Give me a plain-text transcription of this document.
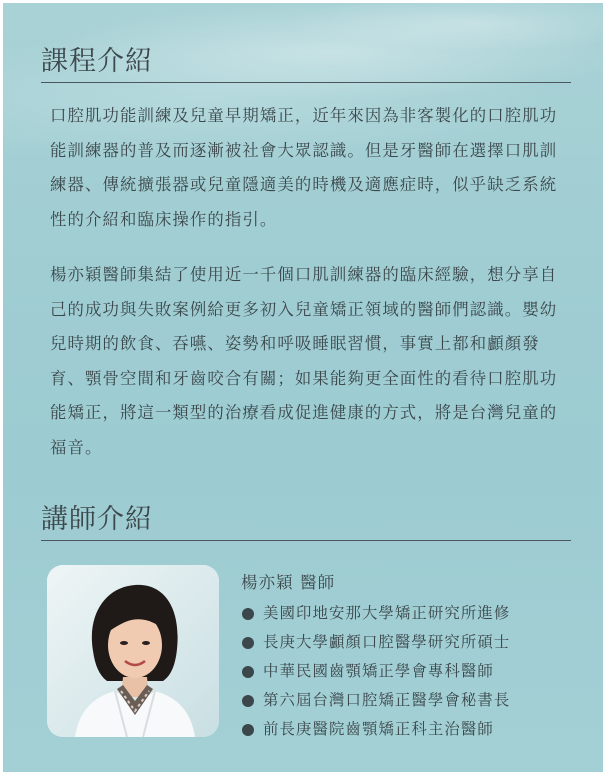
課程介紹

口腔肌功能訓練及兒童早期矯正，近年來因為非客製化的口腔肌功能訓練器的普及而逐漸被社會大眾認識。但是牙醫師在選擇口肌訓練器、傳統擴張器或兒童隱適美的時機及適應症時，似乎缺乏系統性的介紹和臨床操作的指引。

楊亦穎醫師集結了使用近一千個口肌訓練器的臨床經驗，想分享自己的成功與失敗案例給更多初入兒童矯正領域的醫師們認識。嬰幼兒時期的飲食、吞嚥、姿勢和呼吸睡眠習慣，事實上都和顱顏發育、顎骨空間和牙齒咬合有關；如果能夠更全面性的看待口腔肌功能矯正，將這一類型的治療看成促進健康的方式，將是台灣兒童的福音。

講師介紹

楊亦穎 醫師

美國印地安那大學矯正研究所進修
長庚大學顱顏口腔醫學研究所碩士
中華民國齒顎矯正學會專科醫師
第六屆台灣口腔矯正醫學會秘書長
前長庚醫院齒顎矯正科主治醫師
